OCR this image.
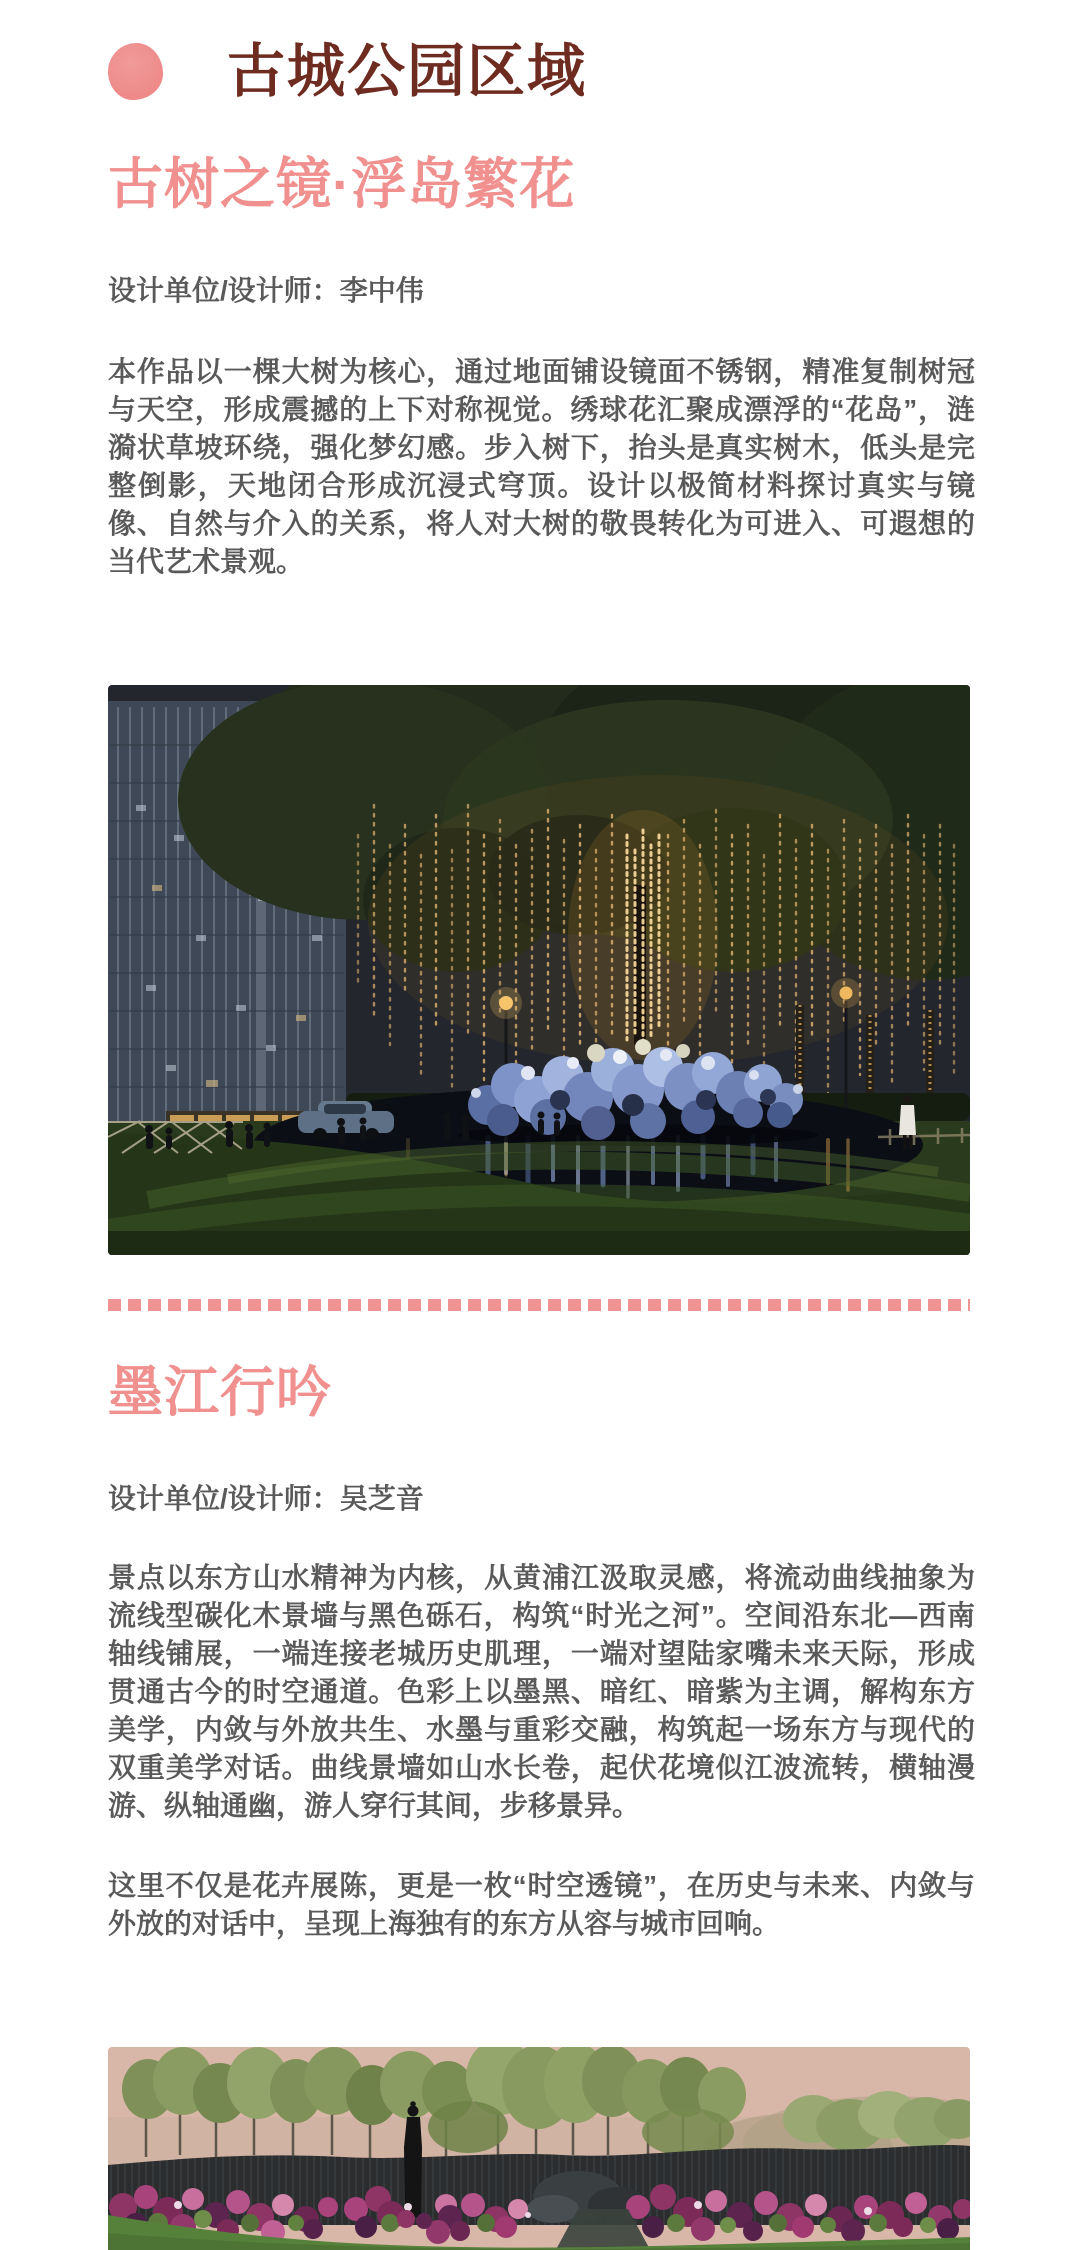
古城公园区域
古树之镜·浮岛繁花

设计单位/设计师：李中伟

本作品以一棵大树为核心，通过地面铺设镜面不锈钢，精准复制树冠与天空，形成震撼的上下对称视觉。绣球花汇聚成漂浮的“花岛”，涟漪状草坡环绕，强化梦幻感。步入树下，抬头是真实树木，低头是完整倒影，天地闭合形成沉浸式穹顶。设计以极简材料探讨真实与镜像、自然与介入的关系，将人对大树的敬畏转化为可进入、可遐想的当代艺术景观。

墨江行吟

设计单位/设计师：吴芝音

景点以东方山水精神为内核，从黄浦江汲取灵感，将流动曲线抽象为流线型碳化木景墙与黑色砾石，构筑“时光之河”。空间沿东北—西南轴线铺展，一端连接老城历史肌理，一端对望陆家嘴未来天际，形成贯通古今的时空通道。色彩上以墨黑、暗红、暗紫为主调，解构东方美学，内敛与外放共生、水墨与重彩交融，构筑起一场东方与现代的双重美学对话。曲线景墙如山水长卷，起伏花境似江波流转，横轴漫游、纵轴通幽，游人穿行其间，步移景异。

这里不仅是花卉展陈，更是一枚“时空透镜”，在历史与未来、内敛与外放的对话中，呈现上海独有的东方从容与城市回响。
